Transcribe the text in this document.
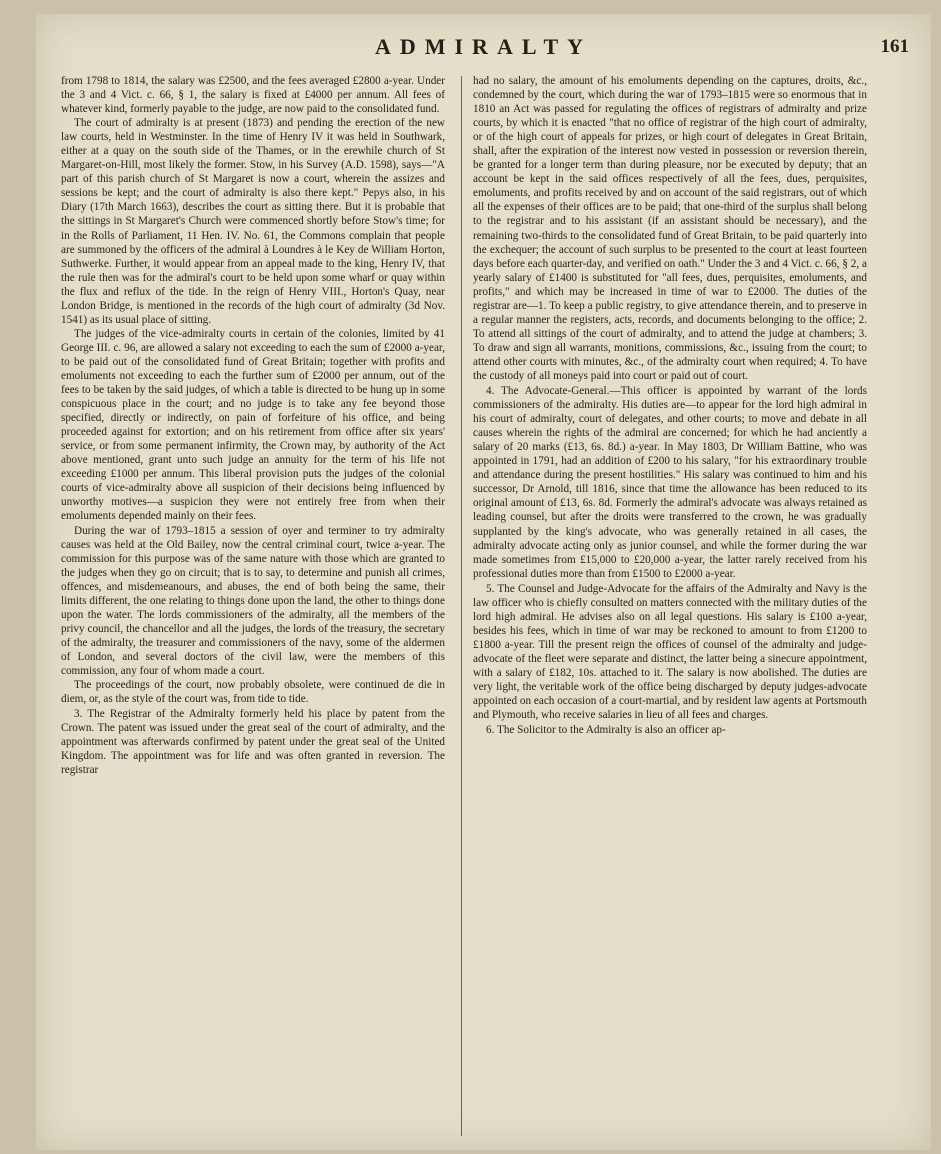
ADMIRALTY	161

from 1798 to 1814, the salary was £2500, and the fees averaged £2800 a-year. Under the 3 and 4 Vict. c. 66, § 1, the salary is fixed at £4000 per annum. All fees of whatever kind, formerly payable to the judge, are now paid to the consolidated fund.

The court of admiralty is at present (1873) and pending the erection of the new law courts, held in Westminster. In the time of Henry IV it was held in Southwark, either at a quay on the south side of the Thames, or in the erewhile church of St Margaret-on-Hill, most likely the former. Stow, in his Survey (A.D. 1598), says—"A part of this parish church of St Margaret is now a court, wherein the assizes and sessions be kept; and the court of admiralty is also there kept." Pepys also, in his Diary (17th March 1663), describes the court as sitting there. But it is probable that the sittings in St Margaret's Church were commenced shortly before Stow's time; for in the Rolls of Parliament, 11 Hen. IV. No. 61, the Commons complain that people are summoned by the officers of the admiral à Loundres à le Key de William Horton, Suthwerke. Further, it would appear from an appeal made to the king, Henry IV, that the rule then was for the admiral's court to be held upon some wharf or quay within the flux and reflux of the tide. In the reign of Henry VIII., Horton's Quay, near London Bridge, is mentioned in the records of the high court of admiralty (3d Nov. 1541) as its usual place of sitting.

The judges of the vice-admiralty courts in certain of the colonies, limited by 41 George III. c. 96, are allowed a salary not exceeding to each the sum of £2000 a-year, to be paid out of the consolidated fund of Great Britain; together with profits and emoluments not exceeding to each the further sum of £2000 per annum, out of the fees to be taken by the said judges, of which a table is directed to be hung up in some conspicuous place in the court; and no judge is to take any fee beyond those specified, directly or indirectly, on pain of forfeiture of his office, and being proceeded against for extortion; and on his retirement from office after six years' service, or from some permanent infirmity, the Crown may, by authority of the Act above mentioned, grant unto such judge an annuity for the term of his life not exceeding £1000 per annum. This liberal provision puts the judges of the colonial courts of vice-admiralty above all suspicion of their decisions being influenced by unworthy motives—a suspicion they were not entirely free from when their emoluments depended mainly on their fees.

During the war of 1793–1815 a session of oyer and terminer to try admiralty causes was held at the Old Bailey, now the central criminal court, twice a-year. The commission for this purpose was of the same nature with those which are granted to the judges when they go on circuit; that is to say, to determine and punish all crimes, offences, and misdemeanours, and abuses, the end of both being the same, their limits different, the one relating to things done upon the land, the other to things done upon the water. The lords commissioners of the admiralty, all the members of the privy council, the chancellor and all the judges, the lords of the treasury, the secretary of the admiralty, the treasurer and commissioners of the navy, some of the aldermen of London, and several doctors of the civil law, were the members of this commission, any four of whom made a court.

The proceedings of the court, now probably obsolete, were continued de die in diem, or, as the style of the court was, from tide to tide.

3. The Registrar of the Admiralty formerly held his place by patent from the Crown. The patent was issued under the great seal of the court of admiralty, and the appointment was afterwards confirmed by patent under the great seal of the United Kingdom. The appointment was for life and was often granted in reversion. The registrar

had no salary, the amount of his emoluments depending on the captures, droits, &c., condemned by the court, which during the war of 1793–1815 were so enormous that in 1810 an Act was passed for regulating the offices of registrars of admiralty and prize courts, by which it is enacted "that no office of registrar of the high court of admiralty, or of the high court of appeals for prizes, or high court of delegates in Great Britain, shall, after the expiration of the interest now vested in possession or reversion therein, be granted for a longer term than during pleasure, nor be executed by deputy; that an account be kept in the said offices respectively of all the fees, dues, perquisites, emoluments, and profits received by and on account of the said registrars, out of which all the expenses of their offices are to be paid; that one-third of the surplus shall belong to the registrar and to his assistant (if an assistant should be necessary), and the remaining two-thirds to the consolidated fund of Great Britain, to be paid quarterly into the exchequer; the account of such surplus to be presented to the court at least fourteen days before each quarter-day, and verified on oath." Under the 3 and 4 Vict. c. 66, § 2, a yearly salary of £1400 is substituted for "all fees, dues, perquisites, emoluments, and profits," and which may be increased in time of war to £2000. The duties of the registrar are—1. To keep a public registry, to give attendance therein, and to preserve in a regular manner the registers, acts, records, and documents belonging to the office; 2. To attend all sittings of the court of admiralty, and to attend the judge at chambers; 3. To draw and sign all warrants, monitions, commissions, &c., issuing from the court; to attend other courts with minutes, &c., of the admiralty court when required; 4. To have the custody of all moneys paid into court or paid out of court.

4. The Advocate-General.—This officer is appointed by warrant of the lords commissioners of the admiralty. His duties are—to appear for the lord high admiral in his court of admiralty, court of delegates, and other courts; to move and debate in all causes wherein the rights of the admiral are concerned; for which he had anciently a salary of 20 marks (£13, 6s. 8d.) a-year. In May 1803, Dr William Battine, who was appointed in 1791, had an addition of £200 to his salary, "for his extraordinary trouble and attendance during the present hostilities." His salary was continued to him and his successor, Dr Arnold, till 1816, since that time the allowance has been reduced to its original amount of £13, 6s. 8d. Formerly the admiral's advocate was always retained as leading counsel, but after the droits were transferred to the crown, he was gradually supplanted by the king's advocate, who was generally retained in all cases, the admiralty advocate acting only as junior counsel, and while the former during the war made sometimes from £15,000 to £20,000 a-year, the latter rarely received from his professional duties more than from £1500 to £2000 a-year.

5. The Counsel and Judge-Advocate for the affairs of the Admiralty and Navy is the law officer who is chiefly consulted on matters connected with the military duties of the lord high admiral. He advises also on all legal questions. His salary is £100 a-year, besides his fees, which in time of war may be reckoned to amount to from £1200 to £1800 a-year. Till the present reign the offices of counsel of the admiralty and judge-advocate of the fleet were separate and distinct, the latter being a sinecure appointment, with a salary of £182, 10s. attached to it. The salary is now abolished. The duties are very light, the veritable work of the office being discharged by deputy judges-advocate appointed on each occasion of a court-martial, and by resident law agents at Portsmouth and Plymouth, who receive salaries in lieu of all fees and charges.

6. The Solicitor to the Admiralty is also an officer ap-
